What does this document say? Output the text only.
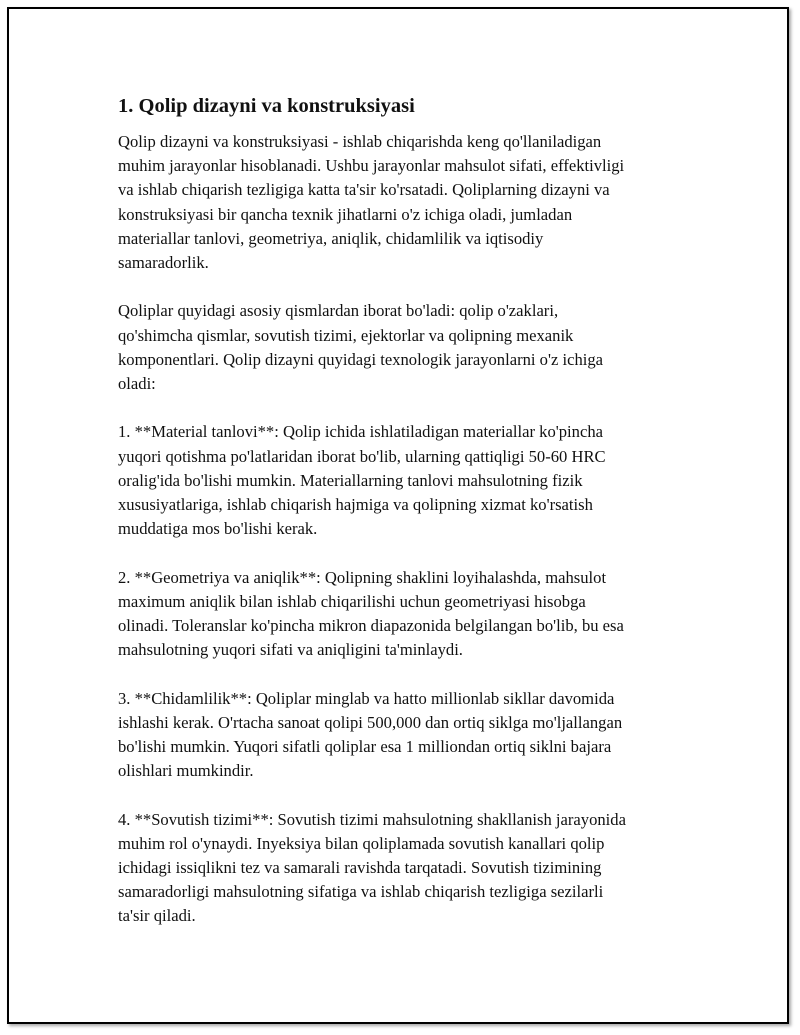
1. Qolip dizayni va konstruksiyasi

Qolip dizayni va konstruksiyasi - ishlab chiqarishda keng qo'llaniladigan
muhim jarayonlar hisoblanadi. Ushbu jarayonlar mahsulot sifati, effektivligi
va ishlab chiqarish tezligiga katta ta'sir ko'rsatadi. Qoliplarning dizayni va
konstruksiyasi bir qancha texnik jihatlarni o'z ichiga oladi, jumladan
materiallar tanlovi, geometriya, aniqlik, chidamlilik va iqtisodiy
samaradorlik.

Qoliplar quyidagi asosiy qismlardan iborat bo'ladi: qolip o'zaklari,
qo'shimcha qismlar, sovutish tizimi, ejektorlar va qolipning mexanik
komponentlari. Qolip dizayni quyidagi texnologik jarayonlarni o'z ichiga
oladi:

1. **Material tanlovi**: Qolip ichida ishlatiladigan materiallar ko'pincha
yuqori qotishma po'latlaridan iborat bo'lib, ularning qattiqligi 50-60 HRC
oralig'ida bo'lishi mumkin. Materiallarning tanlovi mahsulotning fizik
xususiyatlariga, ishlab chiqarish hajmiga va qolipning xizmat ko'rsatish
muddatiga mos bo'lishi kerak.

2. **Geometriya va aniqlik**: Qolipning shaklini loyihalashda, mahsulot
maximum aniqlik bilan ishlab chiqarilishi uchun geometriyasi hisobga
olinadi. Toleranslar ko'pincha mikron diapazonida belgilangan bo'lib, bu esa
mahsulotning yuqori sifati va aniqligini ta'minlaydi.

3. **Chidamlilik**: Qoliplar minglab va hatto millionlab sikllar davomida
ishlashi kerak. O'rtacha sanoat qolipi 500,000 dan ortiq siklga mo'ljallangan
bo'lishi mumkin. Yuqori sifatli qoliplar esa 1 milliondan ortiq siklni bajara
olishlari mumkindir.

4. **Sovutish tizimi**: Sovutish tizimi mahsulotning shakllanish jarayonida
muhim rol o'ynaydi. Inyeksiya bilan qoliplamada sovutish kanallari qolip
ichidagi issiqlikni tez va samarali ravishda tarqatadi. Sovutish tizimining
samaradorligi mahsulotning sifatiga va ishlab chiqarish tezligiga sezilarli
ta'sir qiladi.
